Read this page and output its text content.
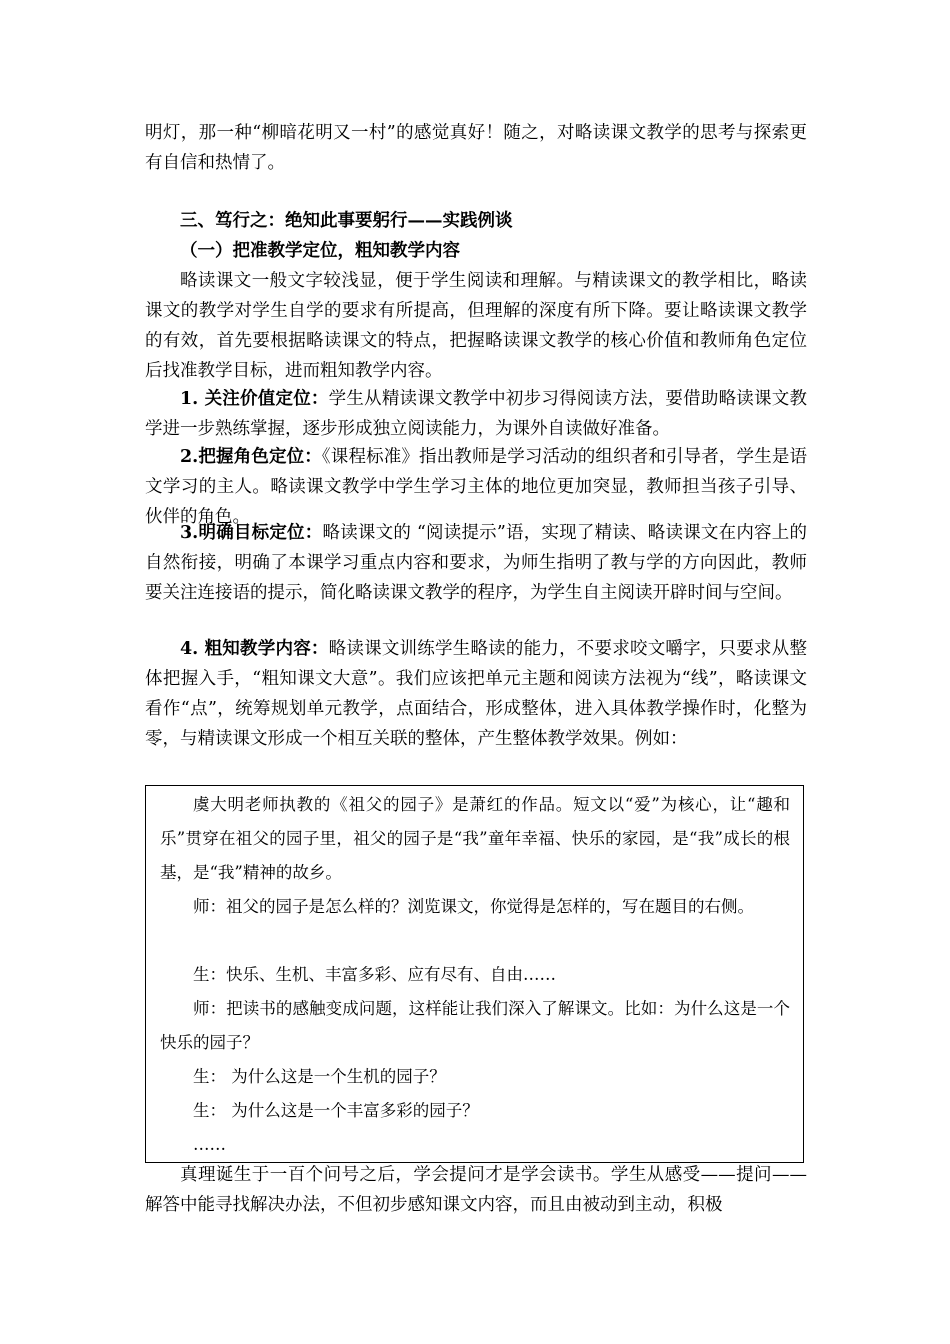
明灯，那一种“柳暗花明又一村”的感觉真好！随之，对略读课文教学的思考与探索更有自信和热情了。

三、笃行之：绝知此事要躬行——实践例谈

（一）把准教学定位，粗知教学内容

略读课文一般文字较浅显，便于学生阅读和理解。与精读课文的教学相比，略读课文的教学对学生自学的要求有所提高，但理解的深度有所下降。要让略读课文教学的有效，首先要根据略读课文的特点，把握略读课文教学的核心价值和教师角色定位后找准教学目标，进而粗知教学内容。

1. 关注价值定位：学生从精读课文教学中初步习得阅读方法，要借助略读课文教学进一步熟练掌握，逐步形成独立阅读能力，为课外自读做好准备。

2.把握角色定位：《课程标准》指出教师是学习活动的组织者和引导者，学生是语文学习的主人。略读课文教学中学生学习主体的地位更加突显，教师担当孩子引导、伙伴的角色。

3.明确目标定位：略读课文的 “阅读提示”语，实现了精读、略读课文在内容上的自然衔接，明确了本课学习重点内容和要求，为师生指明了教与学的方向因此，教师要关注连接语的提示，简化略读课文教学的程序，为学生自主阅读开辟时间与空间。

4. 粗知教学内容：略读课文训练学生略读的能力，不要求咬文嚼字，只要求从整体把握入手，“粗知课文大意”。我们应该把单元主题和阅读方法视为“线”，略读课文看作“点”，统筹规划单元教学，点面结合，形成整体，进入具体教学操作时，化整为零，与精读课文形成一个相互关联的整体，产生整体教学效果。例如：

虞大明老师执教的《祖父的园子》是萧红的作品。短文以“爱”为核心，让“趣和乐”贯穿在祖父的园子里，祖父的园子是“我”童年幸福、快乐的家园，是“我”成长的根基，是“我”精神的故乡。

师：祖父的园子是怎么样的？浏览课文，你觉得是怎样的，写在题目的右侧。

生：快乐、生机、丰富多彩、应有尽有、自由……

师：把读书的感触变成问题，这样能让我们深入了解课文。比如：为什么这是一个快乐的园子？

生： 为什么这是一个生机的园子？

生： 为什么这是一个丰富多彩的园子？

……

真理诞生于一百个问号之后，学会提问才是学会读书。学生从感受——提问——解答中能寻找解决办法，不但初步感知课文内容，而且由被动到主动，积极
